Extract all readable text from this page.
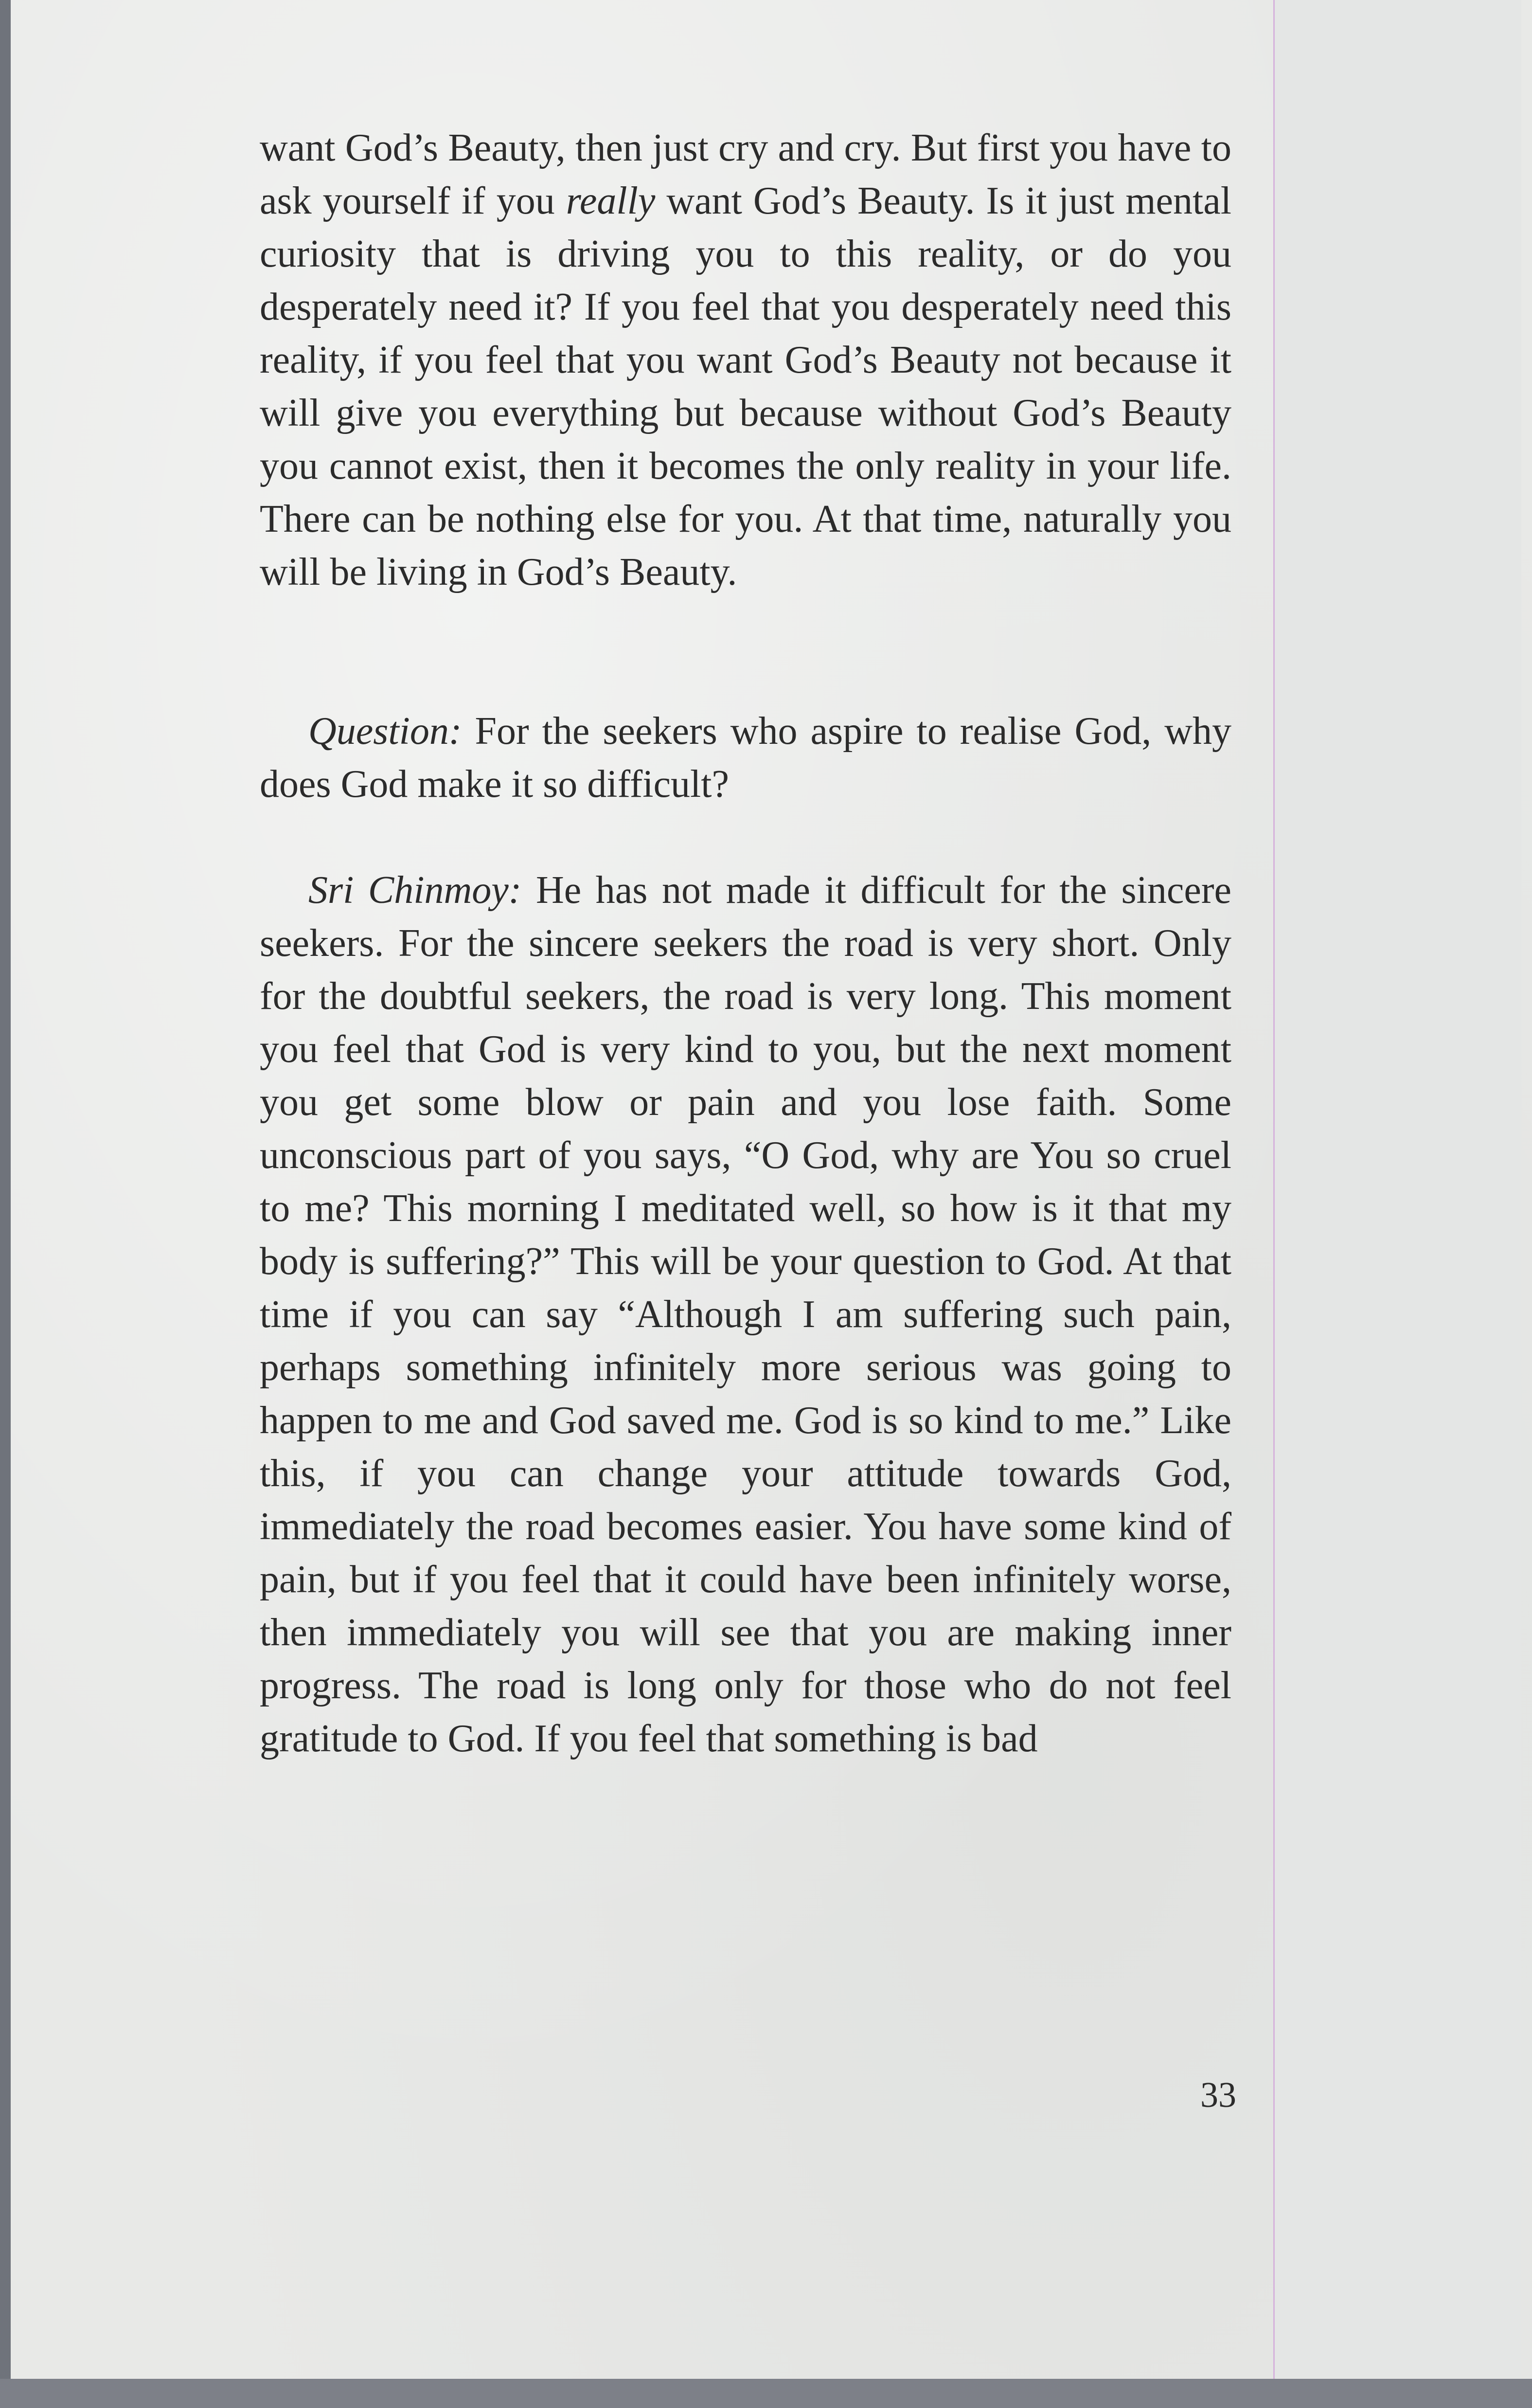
want God’s Beauty, then just cry and cry. But first you have to ask yourself if you really want God’s Beauty. Is it just mental curiosity that is driving you to this reality, or do you desperately need it? If you feel that you desperately need this reality, if you feel that you want God’s Beauty not because it will give you everything but because without God’s Beauty you cannot exist, then it becomes the only reality in your life. There can be nothing else for you. At that time, naturally you will be living in God’s Beauty.

Question: For the seekers who aspire to realise God, why does God make it so difficult?

Sri Chinmoy: He has not made it difficult for the sincere seekers. For the sincere seekers the road is very short. Only for the doubtful seekers, the road is very long. This moment you feel that God is very kind to you, but the next moment you get some blow or pain and you lose faith. Some unconscious part of you says, “O God, why are You so cruel to me? This morning I meditated well, so how is it that my body is suffering?” This will be your question to God. At that time if you can say “Although I am suffering such pain, perhaps something infinitely more serious was going to happen to me and God saved me. God is so kind to me.” Like this, if you can change your attitude towards God, immediately the road becomes easier. You have some kind of pain, but if you feel that it could have been infinitely worse, then immediately you will see that you are making inner progress. The road is long only for those who do not feel gratitude to God. If you feel that something is bad

33
